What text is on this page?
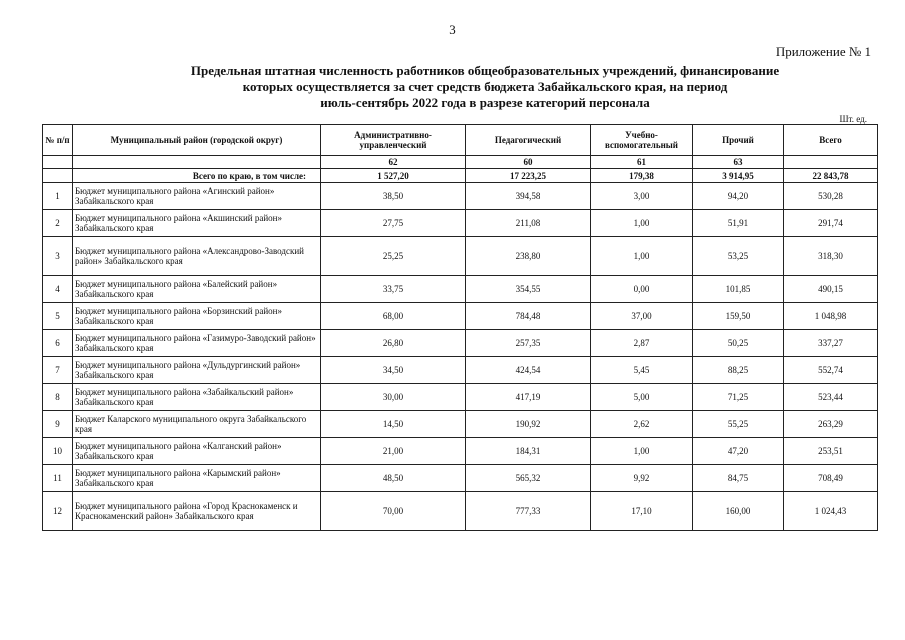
3
Приложение № 1
Предельная штатная численность работников общеобразовательных учреждений, финансирование
которых осуществляется за счет средств бюджета Забайкальского края, на период
июль-сентябрь 2022 года в разрезе категорий персонала
Шт. ед.
№ п/п	Муниципальный район (городской округ)	Административно-управленческий	Педагогический	Учебно-вспомогательный	Прочий	Всего
		62	60	61	63	
	Всего по краю, в том числе:	1 527,20	17 223,25	179,38	3 914,95	22 843,78
1	Бюджет муниципального района «Агинский район» Забайкальского края	38,50	394,58	3,00	94,20	530,28
2	Бюджет муниципального района «Акшинский район» Забайкальского края	27,75	211,08	1,00	51,91	291,74
3	Бюджет муниципального района «Александрово-Заводский район» Забайкальского края	25,25	238,80	1,00	53,25	318,30
4	Бюджет муниципального района «Балейский район» Забайкальского края	33,75	354,55	0,00	101,85	490,15
5	Бюджет муниципального района «Борзинский район» Забайкальского края	68,00	784,48	37,00	159,50	1 048,98
6	Бюджет муниципального района «Газимуро-Заводский район» Забайкальского края	26,80	257,35	2,87	50,25	337,27
7	Бюджет муниципального района «Дульдургинский район» Забайкальского края	34,50	424,54	5,45	88,25	552,74
8	Бюджет муниципального района «Забайкальский район» Забайкальского края	30,00	417,19	5,00	71,25	523,44
9	Бюджет Каларского муниципального округа Забайкальского края	14,50	190,92	2,62	55,25	263,29
10	Бюджет муниципального района «Калганский район» Забайкальского края	21,00	184,31	1,00	47,20	253,51
11	Бюджет муниципального района «Карымский район» Забайкальского края	48,50	565,32	9,92	84,75	708,49
12	Бюджет муниципального района «Город Краснокаменск и Краснокаменский район» Забайкальского края	70,00	777,33	17,10	160,00	1 024,43
